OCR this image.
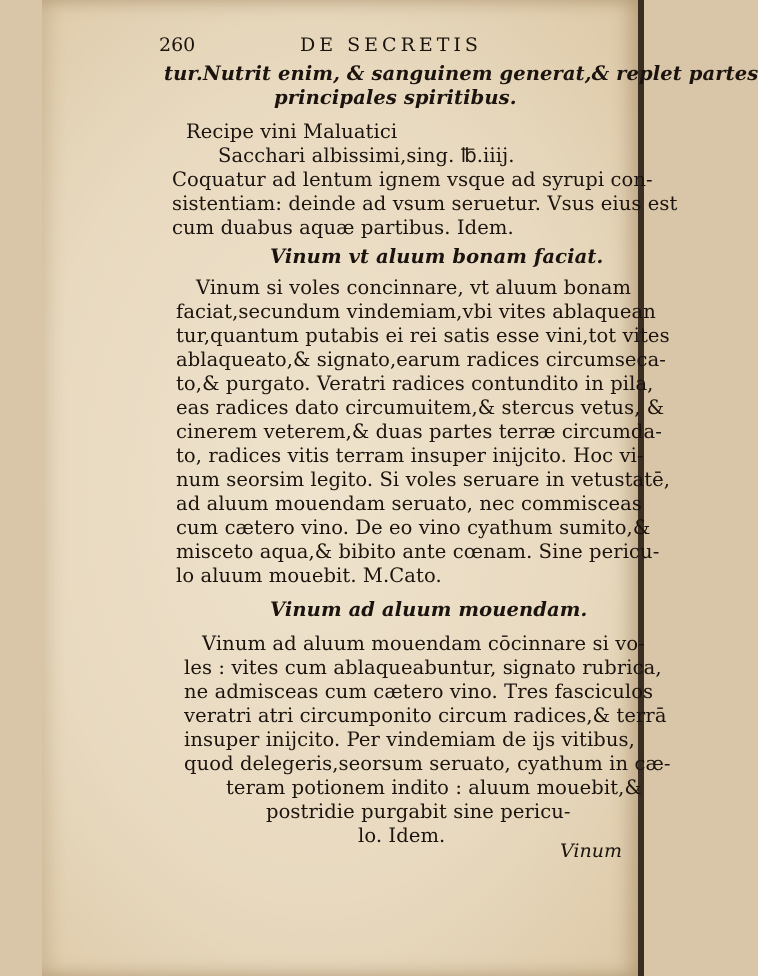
260	DE SECRETIS
tur.Nutrit enim, & sanguinem generat,& replet partes
principales spiritibus.
Recipe vini Maluatici
Sacchari albissimi,sing. ℔.iiij.
Coquatur ad lentum ignem vsque ad syrupi con-
sistentiam: deinde ad vsum seruetur. Vsus eius est
cum duabus aquæ partibus. Idem.
Vinum vt aluum bonam faciat.
Vinum si voles concinnare, vt aluum bonam
faciat,secundum vindemiam,vbi vites ablaquean
tur,quantum putabis ei rei satis esse vini,tot vites
ablaqueato,& signato,earum radices circumseca-
to,& purgato. Veratri radices contundito in pila,
eas radices dato circumuitem,& stercus vetus, &
cinerem veterem,& duas partes terræ circumda-
to, radices vitis terram insuper inijcito. Hoc vi-
num seorsim legito. Si voles seruare in vetustatē,
ad aluum mouendam seruato, nec commisceas
cum cætero vino. De eo vino cyathum sumito,&
misceto aqua,& bibito ante cœnam. Sine pericu-
lo aluum mouebit. M.Cato.
Vinum ad aluum mouendam.
Vinum ad aluum mouendam cōcinnare si vo-
les : vites cum ablaqueabuntur, signato rubrica,
ne admisceas cum cætero vino. Tres fasciculos
veratri atri circumponito circum radices,& terrā
insuper inijcito. Per vindemiam de ijs vitibus,
quod delegeris,seorsum seruato, cyathum in cæ-
teram potionem indito : aluum mouebit,&
postridie purgabit sine pericu-
lo. Idem.
Vinum
